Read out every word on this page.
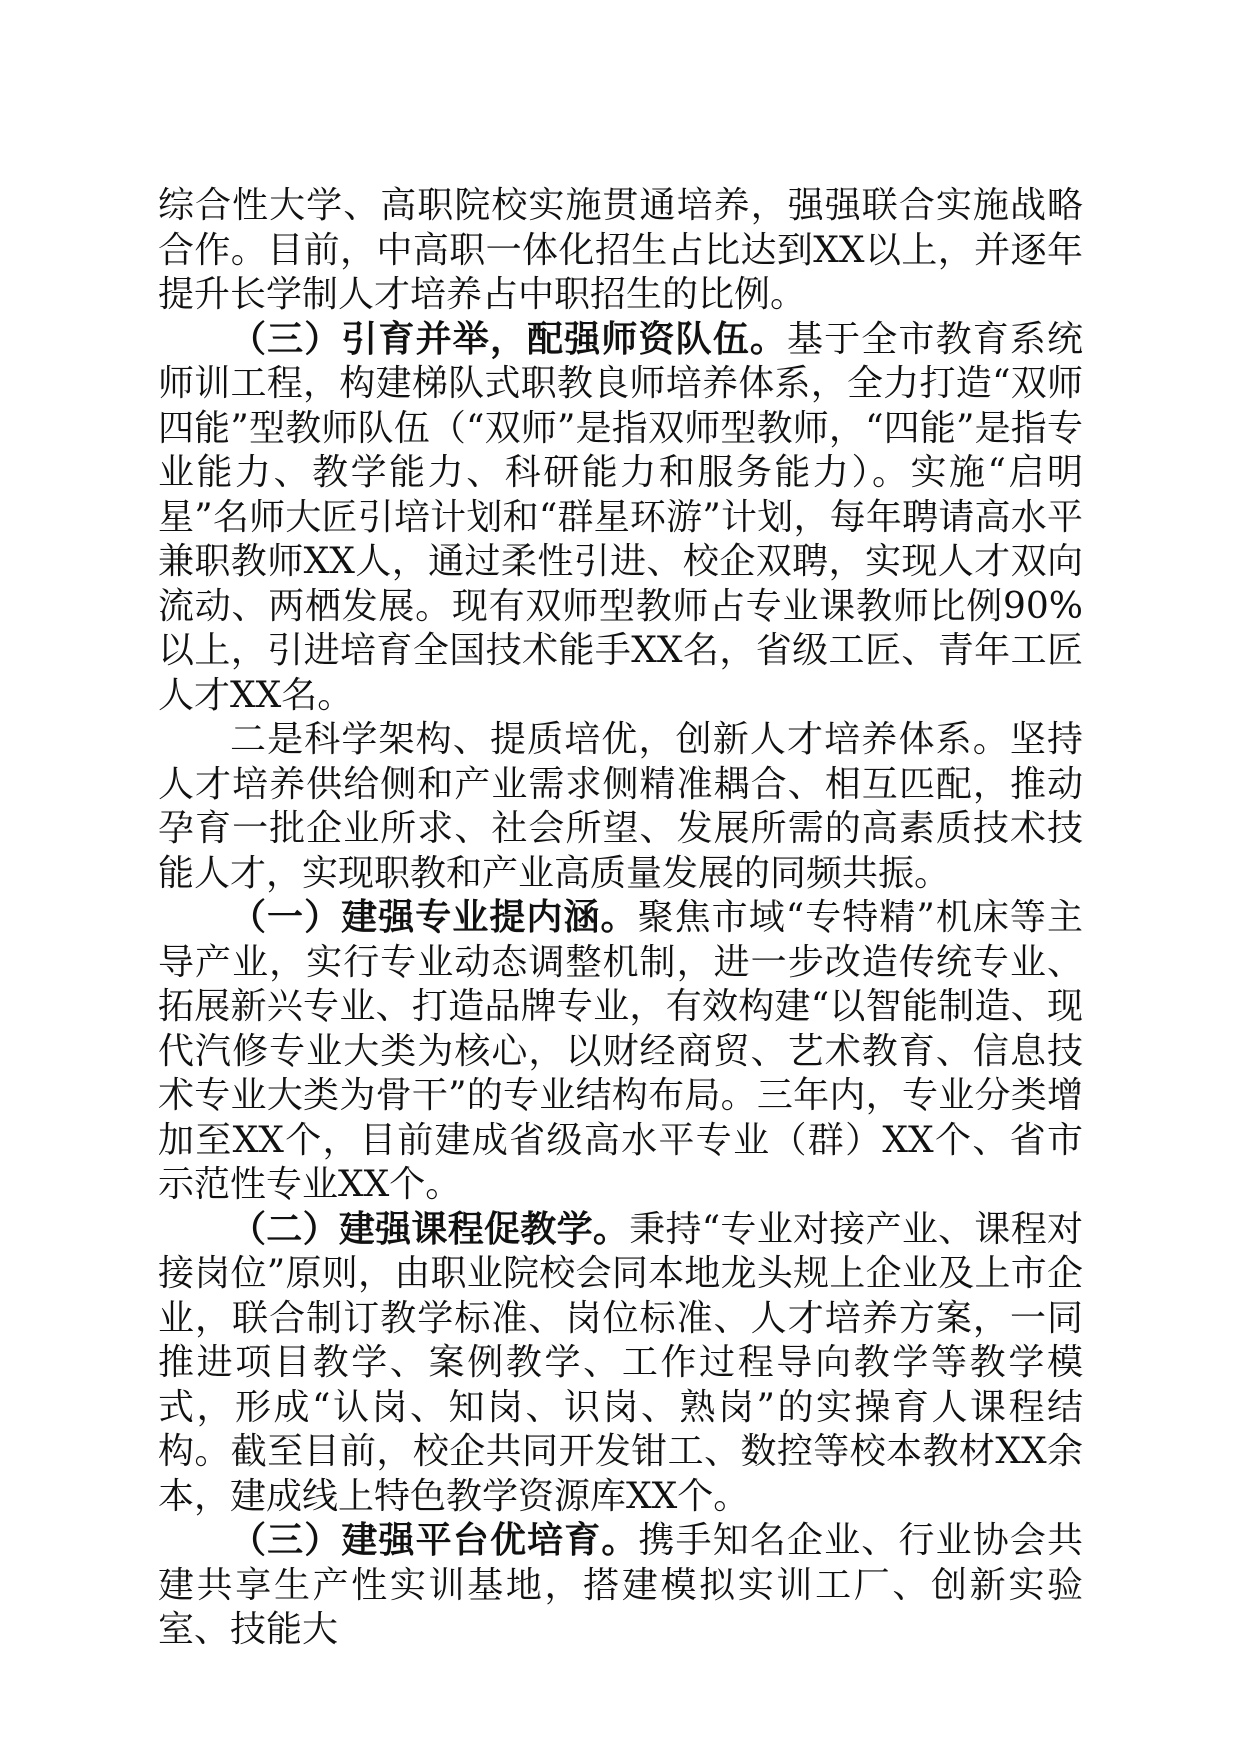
综合性大学、高职院校实施贯通培养，强强联合实施战略合作。目前，中高职一体化招生占比达到XX以上，并逐年提升长学制人才培养占中职招生的比例。

（三）引育并举，配强师资队伍。基于全市教育系统师训工程，构建梯队式职教良师培养体系，全力打造“双师四能”型教师队伍（“双师”是指双师型教师，“四能”是指专业能力、教学能力、科研能力和服务能力）。实施“启明星”名师大匠引培计划和“群星环游”计划，每年聘请高水平兼职教师XX人，通过柔性引进、校企双聘，实现人才双向流动、两栖发展。现有双师型教师占专业课教师比例90%以上，引进培育全国技术能手XX名，省级工匠、青年工匠人才XX名。

二是科学架构、提质培优，创新人才培养体系。坚持人才培养供给侧和产业需求侧精准耦合、相互匹配，推动孕育一批企业所求、社会所望、发展所需的高素质技术技能人才，实现职教和产业高质量发展的同频共振。

（一）建强专业提内涵。聚焦市域“专特精”机床等主导产业，实行专业动态调整机制，进一步改造传统专业、拓展新兴专业、打造品牌专业，有效构建“以智能制造、现代汽修专业大类为核心，以财经商贸、艺术教育、信息技术专业大类为骨干”的专业结构布局。三年内，专业分类增加至XX个，目前建成省级高水平专业（群）XX个、省市示范性专业XX个。

（二）建强课程促教学。秉持“专业对接产业、课程对接岗位”原则，由职业院校会同本地龙头规上企业及上市企业，联合制订教学标准、岗位标准、人才培养方案，一同推进项目教学、案例教学、工作过程导向教学等教学模式，形成“认岗、知岗、识岗、熟岗”的实操育人课程结构。截至目前，校企共同开发钳工、数控等校本教材XX余本，建成线上特色教学资源库XX个。

（三）建强平台优培育。携手知名企业、行业协会共建共享生产性实训基地，搭建模拟实训工厂、创新实验室、技能大
